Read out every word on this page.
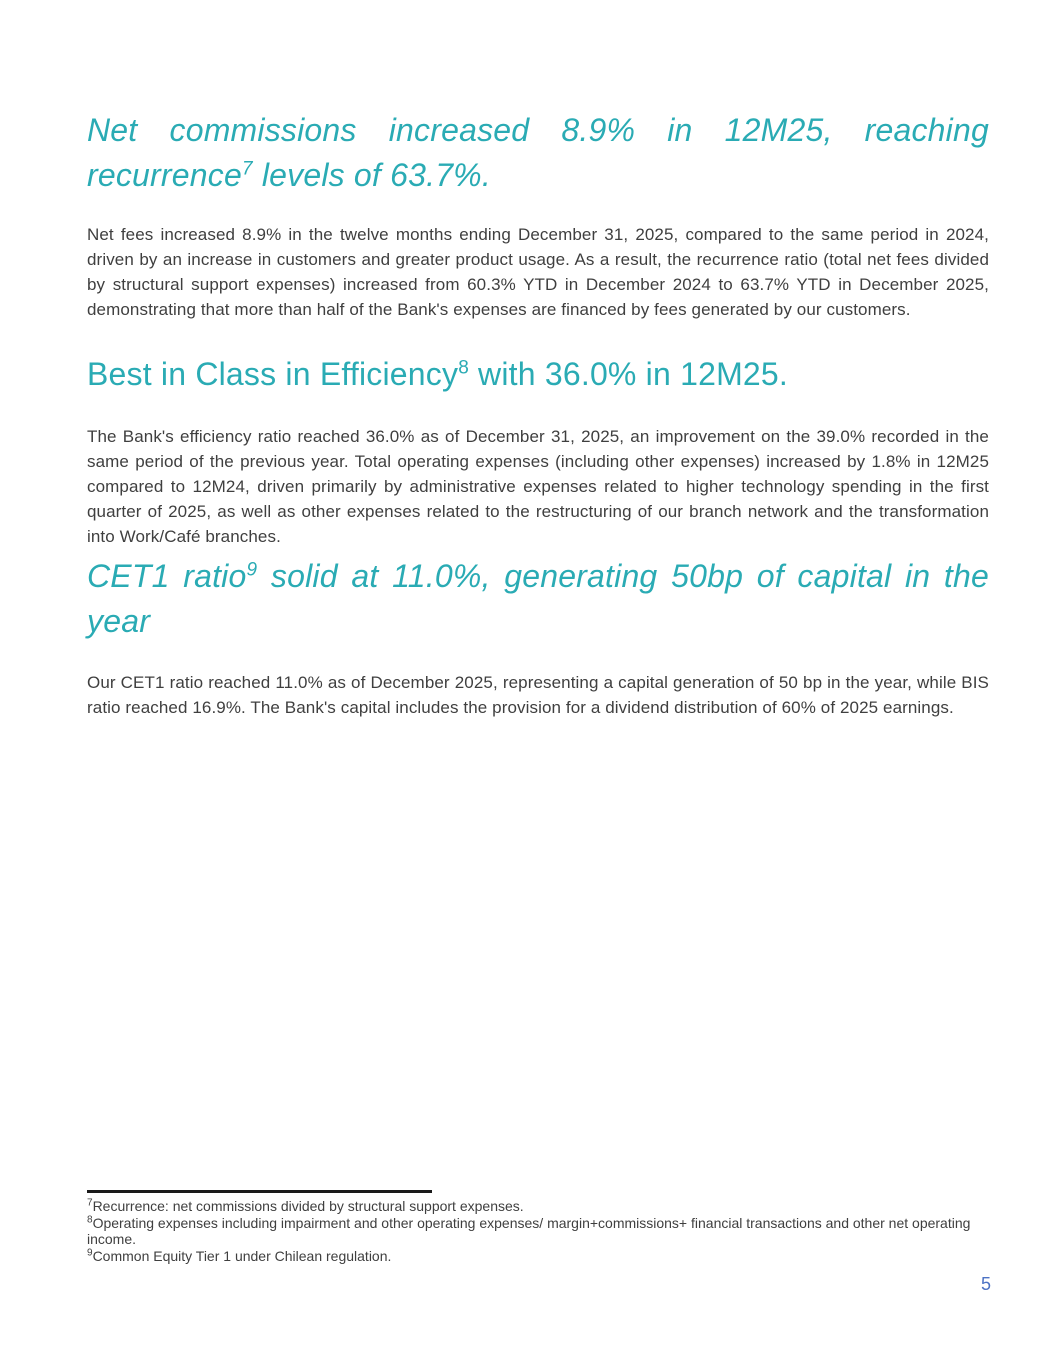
Net commissions increased 8.9% in 12M25, reaching
recurrence$^7$ levels of 63.7%.

Net fees increased 8.9% in the twelve months ending December 31, 2025, compared to the same period in 2024, driven by an increase in customers and greater product usage. As a result, the recurrence ratio (total net fees divided by structural support expenses) increased from 60.3% YTD in December 2024 to 63.7% YTD in December 2025, demonstrating that more than half of the Bank's expenses are financed by fees generated by our customers.

Best in Class in Efficiency$^8$ with 36.0% in 12M25.

The Bank's efficiency ratio reached 36.0% as of December 31, 2025, an improvement on the 39.0% recorded in the same period of the previous year. Total operating expenses (including other expenses) increased by 1.8% in 12M25 compared to 12M24, driven primarily by administrative expenses related to higher technology spending in the first quarter of 2025, as well as other expenses related to the restructuring of our branch network and the transformation into Work/Café branches.

CET1 ratio$^9$ solid at 11.0%, generating 50bp of capital in the
year

Our CET1 ratio reached 11.0% as of December 2025, representing a capital generation of 50 bp in the year, while BIS ratio reached 16.9%. The Bank's capital includes the provision for a dividend distribution of 60% of 2025 earnings.

$^7$Recurrence: net commissions divided by structural support expenses.
$^8$Operating expenses including impairment and other operating expenses/ margin+commissions+ financial transactions and other net operating income.
$^9$Common Equity Tier 1 under Chilean regulation.
5
